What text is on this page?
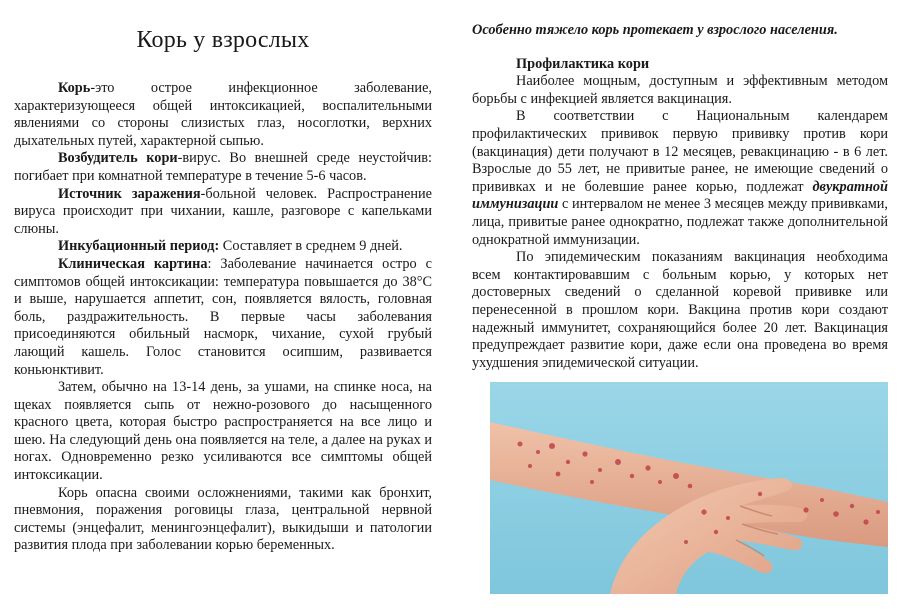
Корь у взрослых

Корь-это острое инфекционное заболевание, характеризующееся общей интоксикацией, воспалительными явлениями со стороны слизистых глаз, носоглотки, верхних дыхательных путей, характерной сыпью.

Возбудитель кори-вирус. Во внешней среде неустойчив: погибает при комнатной температуре в течение 5-6 часов.

Источник заражения-больной человек. Распространение вируса происходит при чихании, кашле, разговоре с капельками слюны.

Инкубационный период: Составляет в среднем 9 дней.

Клиническая картина: Заболевание начинается остро с симптомов общей интоксикации: температура повышается до 38°С и выше, нарушается аппетит, сон, появляется вялость, головная боль, раздражительность. В первые часы заболевания присоединяются обильный насморк, чихание, сухой грубый лающий кашель. Голос становится осипшим, развивается коньюнктивит.

Затем, обычно на 13-14 день, за ушами, на спинке носа, на щеках появляется сыпь от нежно-розового до насыщенного красного цвета, которая быстро распространяется на все лицо и шею. На следующий день она появляется на теле, а далее на руках и ногах. Одновременно резко усиливаются все симптомы общей интоксикации.

Корь опасна своими осложнениями, такими как бронхит, пневмония, поражения роговицы глаза, центральной нервной системы (энцефалит, менингоэнцефалит), выкидыши и патологии развития плода при заболевании корью беременных.

Особенно тяжело корь протекает у взрослого населения.

Профилактика кори

Наиболее мощным, доступным и эффективным методом борьбы с инфекцией является вакцинация.

В соответствии с Национальным календарем профилактических прививок первую прививку против кори (вакцинация) дети получают в 12 месяцев, ревакцинацию - в 6 лет. Взрослые до 55 лет, не привитые ранее, не имеющие сведений о прививках и не болевшие ранее корью, подлежат двукратной иммунизации с интервалом не менее 3 месяцев между прививками, лица, привитые ранее однократно, подлежат также дополнительной однократной иммунизации.

По эпидемическим показаниям вакцинация необходима всем контактировавшим с больным корью, у которых нет достоверных сведений о сделанной коревой прививке или перенесенной в прошлом кори. Вакцина против кори создают надежный иммунитет, сохраняющийся более 20 лет. Вакцинация предупреждает развитие кори, даже если она проведена во время ухудшения эпидемической ситуации.
